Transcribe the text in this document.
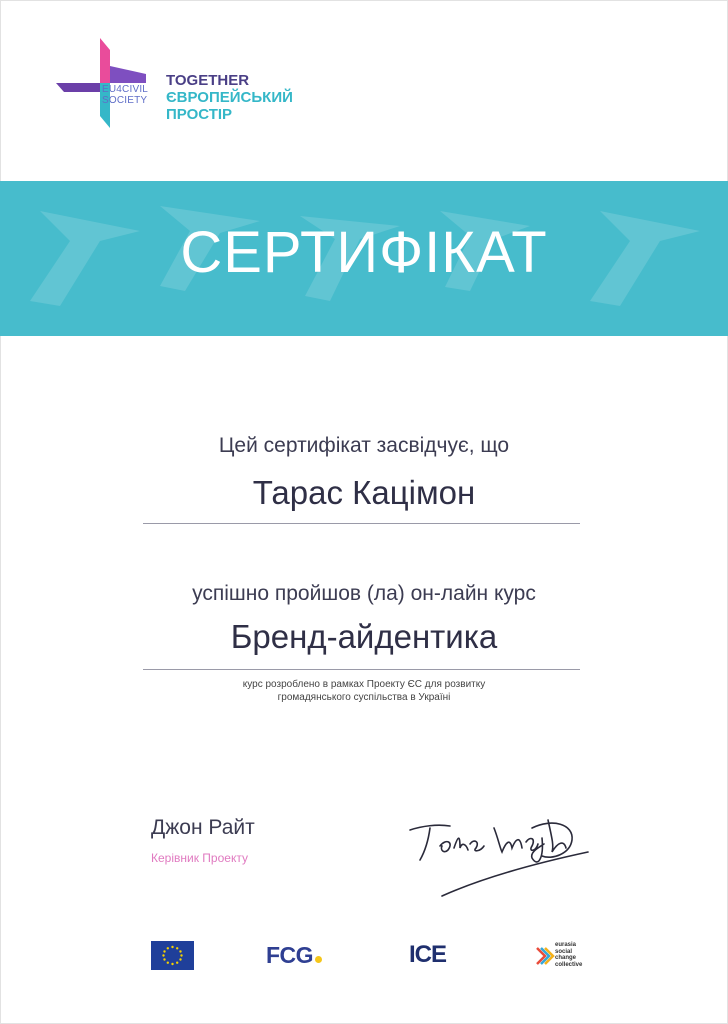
EU4CIVIL SOCIETY
TOGETHER
ЄВРОПЕЙСЬКИЙ
ПРОСТІР
СЕРТИФІКАТ
Цей сертифікат засвідчує, що
Тарас Кацімон
успішно пройшов (ла) он-лайн курс
Бренд-айдентика
курс розроблено в рамках Проекту ЄС для розвитку
громадянського суспільства в Україні
Джон Райт
Керівник Проекту
FCG	ICE	eurasia
social
change
collective
